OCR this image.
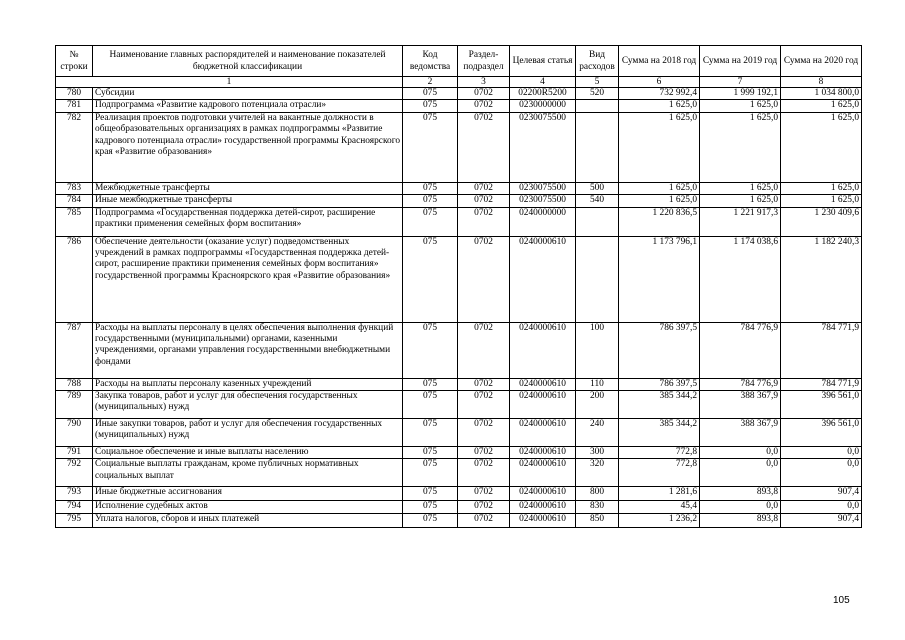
№ строки	Наименование главных распорядителей и наименование показателей бюджетной классификации	Код ведомства	Раздел-подраздел	Целевая статья	Вид расходов	Сумма на 2018 год	Сумма на 2019 год	Сумма на 2020 год
1		2	3	4	5	6	7	8
780	Субсидии	075	0702	02200R5200	520	732 992,4	1 999 192,1	1 034 800,0
781	Подпрограмма «Развитие кадрового потенциала отрасли»	075	0702	0230000000		1 625,0	1 625,0	1 625,0
782	Реализация проектов подготовки учителей на вакантные должности в общеобразовательных организациях в рамках подпрограммы «Развитие кадрового потенциала отрасли» государственной программы Красноярского края «Развитие образования»	075	0702	0230075500		1 625,0	1 625,0	1 625,0
783	Межбюджетные трансферты	075	0702	0230075500	500	1 625,0	1 625,0	1 625,0
784	Иные межбюджетные трансферты	075	0702	0230075500	540	1 625,0	1 625,0	1 625,0
785	Подпрограмма «Государственная поддержка детей-сирот, расширение практики применения семейных форм воспитания»	075	0702	0240000000		1 220 836,5	1 221 917,3	1 230 409,6
786	Обеспечение деятельности (оказание услуг) подведомственных учреждений в рамках подпрограммы «Государственная поддержка детей-сирот, расширение практики применения семейных форм воспитания» государственной программы Красноярского края «Развитие образования»	075	0702	0240000610		1 173 796,1	1 174 038,6	1 182 240,3
787	Расходы на выплаты персоналу в целях обеспечения выполнения функций государственными (муниципальными) органами, казенными учреждениями, органами управления государственными внебюджетными фондами	075	0702	0240000610	100	786 397,5	784 776,9	784 771,9
788	Расходы на выплаты персоналу казенных учреждений	075	0702	0240000610	110	786 397,5	784 776,9	784 771,9
789	Закупка товаров, работ и услуг для обеспечения государственных (муниципальных) нужд	075	0702	0240000610	200	385 344,2	388 367,9	396 561,0
790	Иные закупки товаров, работ и услуг для обеспечения государственных (муниципальных) нужд	075	0702	0240000610	240	385 344,2	388 367,9	396 561,0
791	Социальное обеспечение и иные выплаты населению	075	0702	0240000610	300	772,8	0,0	0,0
792	Социальные выплаты гражданам, кроме публичных нормативных социальных выплат	075	0702	0240000610	320	772,8	0,0	0,0
793	Иные бюджетные ассигнования	075	0702	0240000610	800	1 281,6	893,8	907,4
794	Исполнение судебных актов	075	0702	0240000610	830	45,4	0,0	0,0
795	Уплата налогов, сборов и иных платежей	075	0702	0240000610	850	1 236,2	893,8	907,4
105
